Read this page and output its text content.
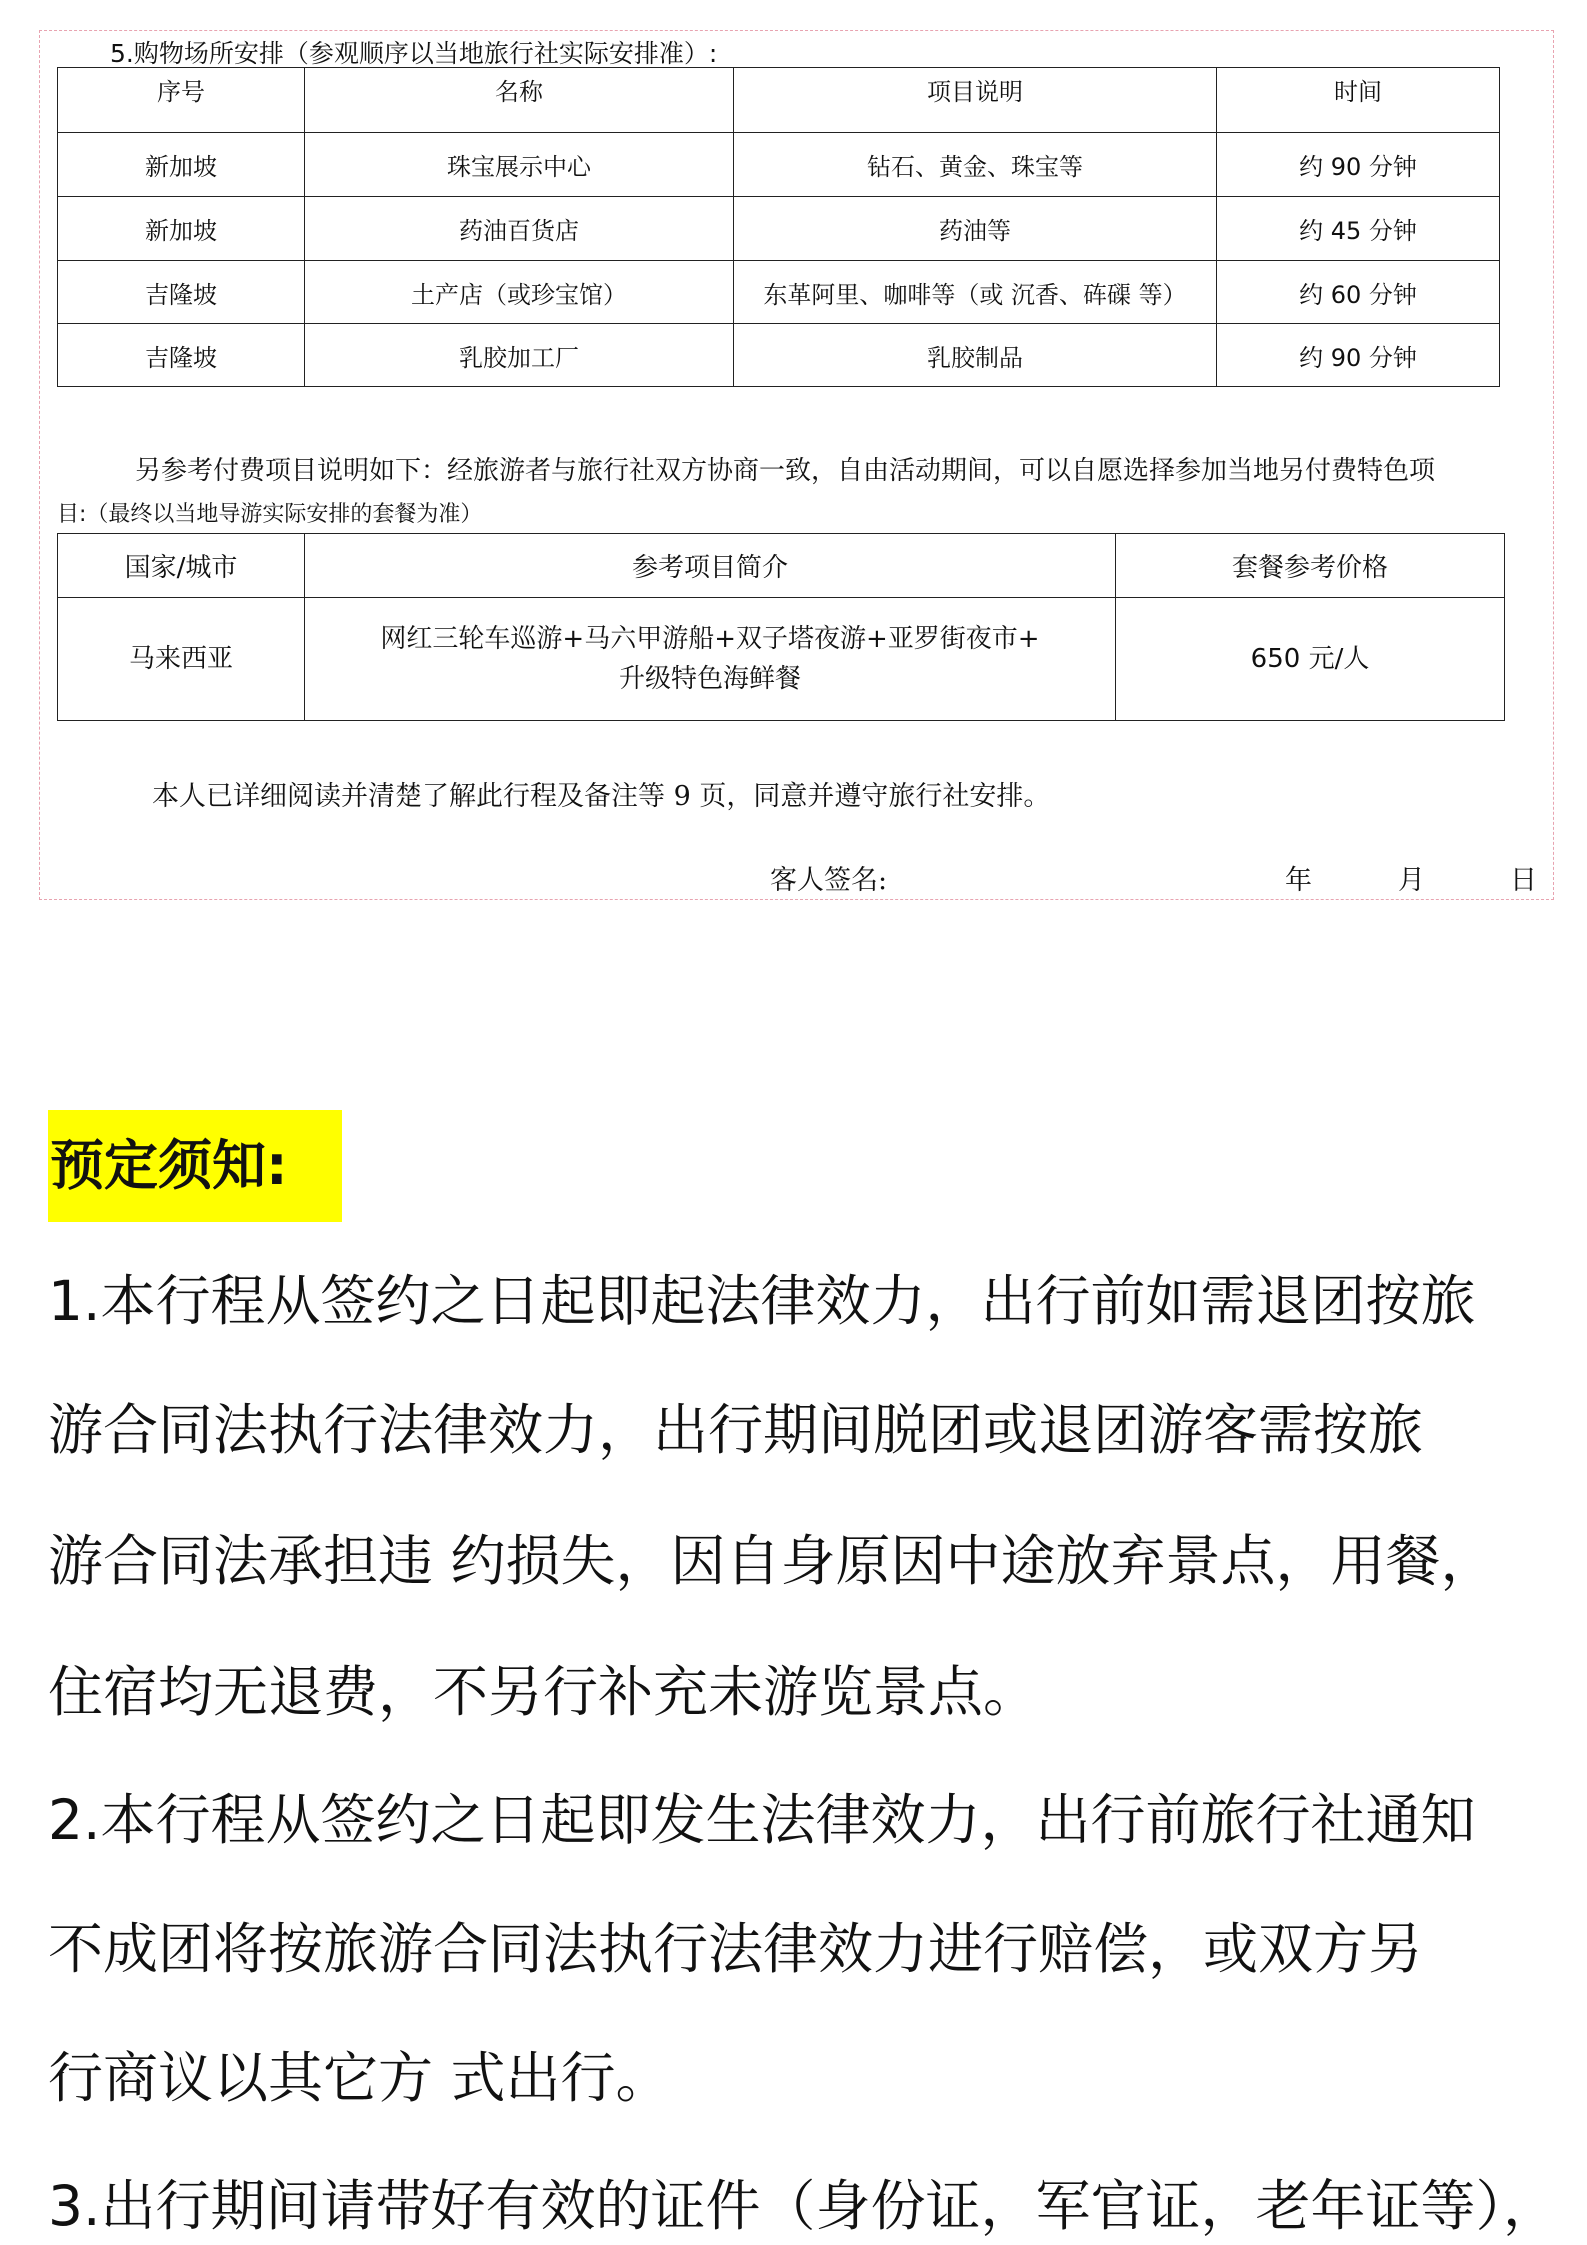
5.购物场所安排（参观顺序以当地旅行社实际安排准）:
序号	名称	项目说明	时间
新加坡	珠宝展示中心	钻石、黄金、珠宝等	约 90 分钟
新加坡	药油百货店	药油等	约 45 分钟
吉隆坡	土产店（或珍宝馆）	东革阿里、咖啡等（或 沉香、砗磲 等）	约 60 分钟
吉隆坡	乳胶加工厂	乳胶制品	约 90 分钟
另参考付费项目说明如下：经旅游者与旅行社双方协商一致，自由活动期间，可以自愿选择参加当地另付费特色项
目:（最终以当地导游实际安排的套餐为准）
国家/城市	参考项目简介	套餐参考价格
马来西亚	网红三轮车巡游+马六甲游船+双子塔夜游+亚罗街夜市+
升级特色海鲜餐	650 元/人
本人已详细阅读并清楚了解此行程及备注等 9 页，同意并遵守旅行社安排。
客人签名:	年	月	日
预定须知:
1.本行程从签约之日起即起法律效力，出行前如需退团按旅
游合同法执行法律效力，出行期间脱团或退团游客需按旅
游合同法承担违 约损失，因自身原因中途放弃景点，用餐，
住宿均无退费，不另行补充未游览景点。
2.本行程从签约之日起即发生法律效力，出行前旅行社通知
不成团将按旅游合同法执行法律效力进行赔偿，或双方另
行商议以其它方 式出行。
3.出行期间请带好有效的证件（身份证，军官证，老年证等），
